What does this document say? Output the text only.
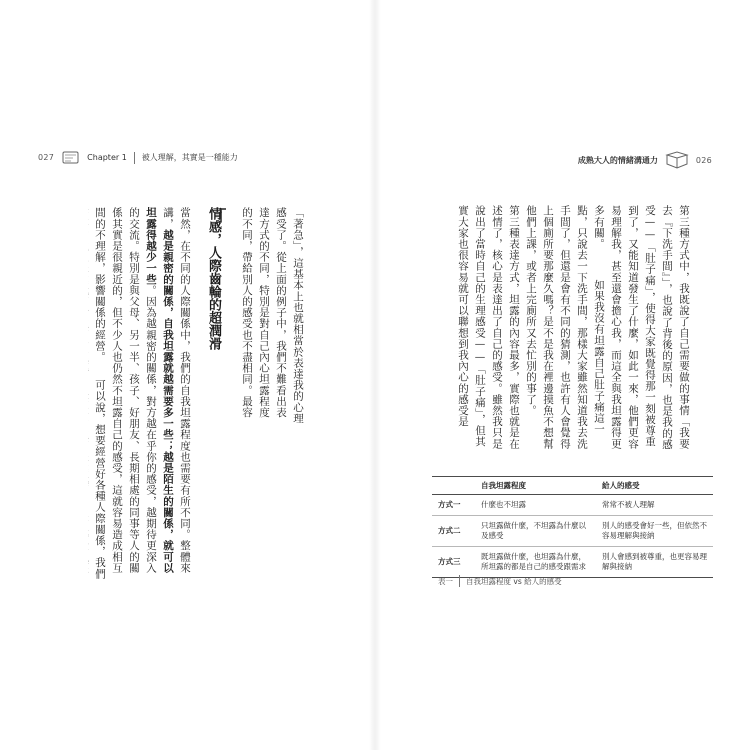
027	Chapter 1 被人理解，其實是一種能力
「著急」，這基本上也就相當於表達我的心理感受了。從上面的例子中，我們不難看出表達方式的不同，特別是對自己內心坦露程度的不同，帶給別人的感受也不盡相同。最容
情感，人際齒輪的超潤滑
當然，在不同的人際關係中，我們的自我坦露程度也需要有所不同。整體來講，越是親密的關係，自我坦露就越需要多一些；越是陌生的關係，就可以坦露得越少一些。因為越親密的關係，對方越在乎你的感受，越期待更深入的交流。特別是與父母、另一半、孩子、好朋友、長期相處的同事等人的關係其實是很親近的，但不少人也仍然不坦露自己的感受，這就容易造成相互間的不理解，影響關係的經營。可以說，想要經營好各種人際關係，我們
成熟大人的情緒溝通力	026
第三種方式中，我既說了自己需要做的事情「我要去『下洗手間』」，也說了背後的原因，也是我的感受——「肚子痛」，使得大家既覺得那一刻被尊重到了，又能知道發生了什麼，如此一來，他們更容易理解我，甚至還會擔心我，而這全與我坦露得更多有關。 如果我沒有坦露自己肚子痛這一點，只說去一下洗手間，那樣大家雖然知道我去洗手間了，但還是會有不同的猜測，也許有人會覺得上個廁所要那麼久嗎？是不是我在裡邊摸魚不想幫他們上課，或者上完廁所又去忙別的事了。 第三種表達方式，坦露的內容最多，實際也就是在述情了，核心是表達出了自己的感受。雖然我只是說出了當時自己的生理感受——「肚子痛」，但其實大家也很容易就可以聯想到我內心的感受是
	自我坦露程度	給人的感受
方式一	什麼也不坦露	常常不被人理解
方式二	只坦露做什麼，不坦露為什麼以及感受	別人的感受會好一些，但依然不容易理解與接納
方式三	既坦露做什麼，也坦露為什麼，所坦露的都是自己的感受跟需求	別人會感到被尊重，也更容易理解與接納
表一 自我坦露程度 vs 給人的感受
